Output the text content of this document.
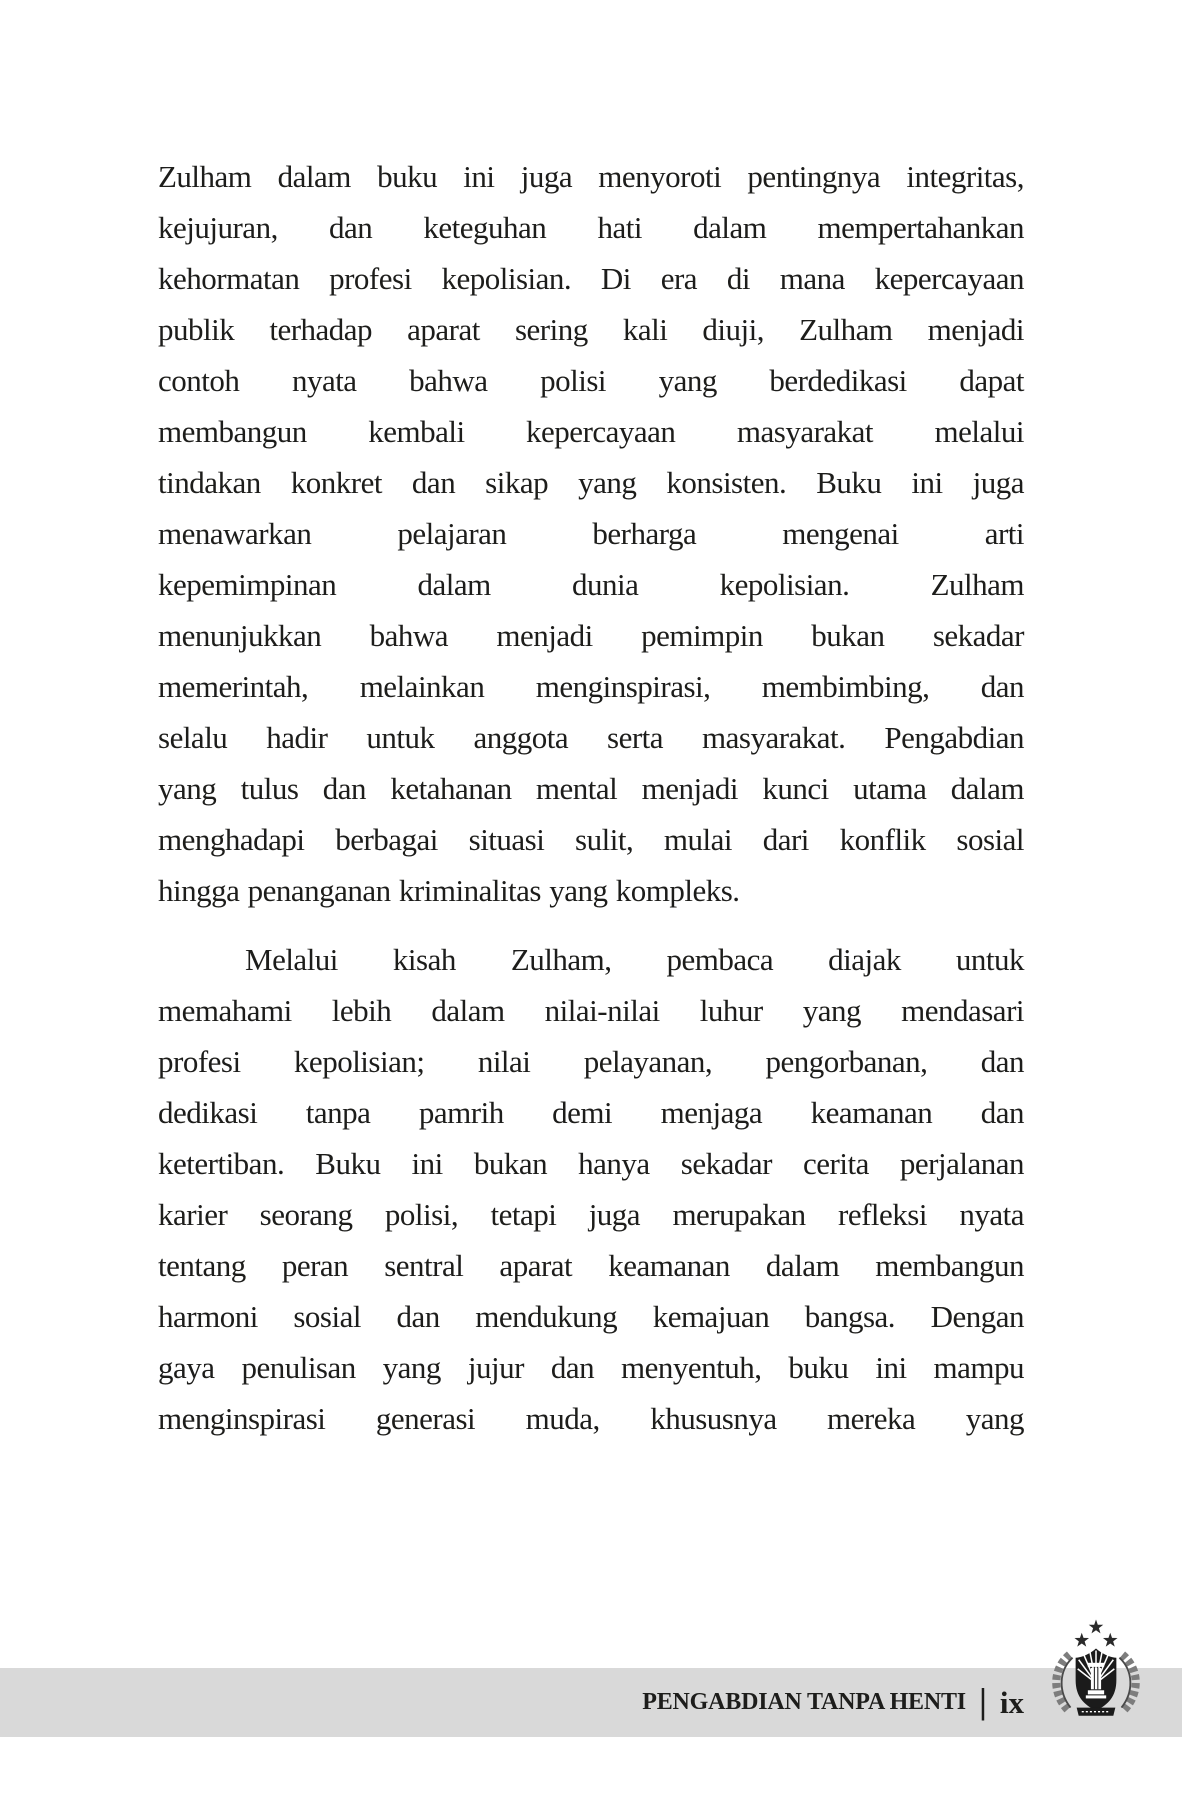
Zulham dalam buku ini juga menyoroti pentingnya integritas,
kejujuran, dan keteguhan hati dalam mempertahankan
kehormatan profesi kepolisian. Di era di mana kepercayaan
publik terhadap aparat sering kali diuji, Zulham menjadi
contoh nyata bahwa polisi yang berdedikasi dapat
membangun kembali kepercayaan masyarakat melalui
tindakan konkret dan sikap yang konsisten. Buku ini juga
menawarkan pelajaran berharga mengenai arti
kepemimpinan dalam dunia kepolisian. Zulham
menunjukkan bahwa menjadi pemimpin bukan sekadar
memerintah, melainkan menginspirasi, membimbing, dan
selalu hadir untuk anggota serta masyarakat. Pengabdian
yang tulus dan ketahanan mental menjadi kunci utama dalam
menghadapi berbagai situasi sulit, mulai dari konflik sosial
hingga penanganan kriminalitas yang kompleks.
Melalui kisah Zulham, pembaca diajak untuk
memahami lebih dalam nilai-nilai luhur yang mendasari
profesi kepolisian; nilai pelayanan, pengorbanan, dan
dedikasi tanpa pamrih demi menjaga keamanan dan
ketertiban. Buku ini bukan hanya sekadar cerita perjalanan
karier seorang polisi, tetapi juga merupakan refleksi nyata
tentang peran sentral aparat keamanan dalam membangun
harmoni sosial dan mendukung kemajuan bangsa. Dengan
gaya penulisan yang jujur dan menyentuh, buku ini mampu
menginspirasi generasi muda, khususnya mereka yang
PENGABDIAN TANPA HENTI | ix
